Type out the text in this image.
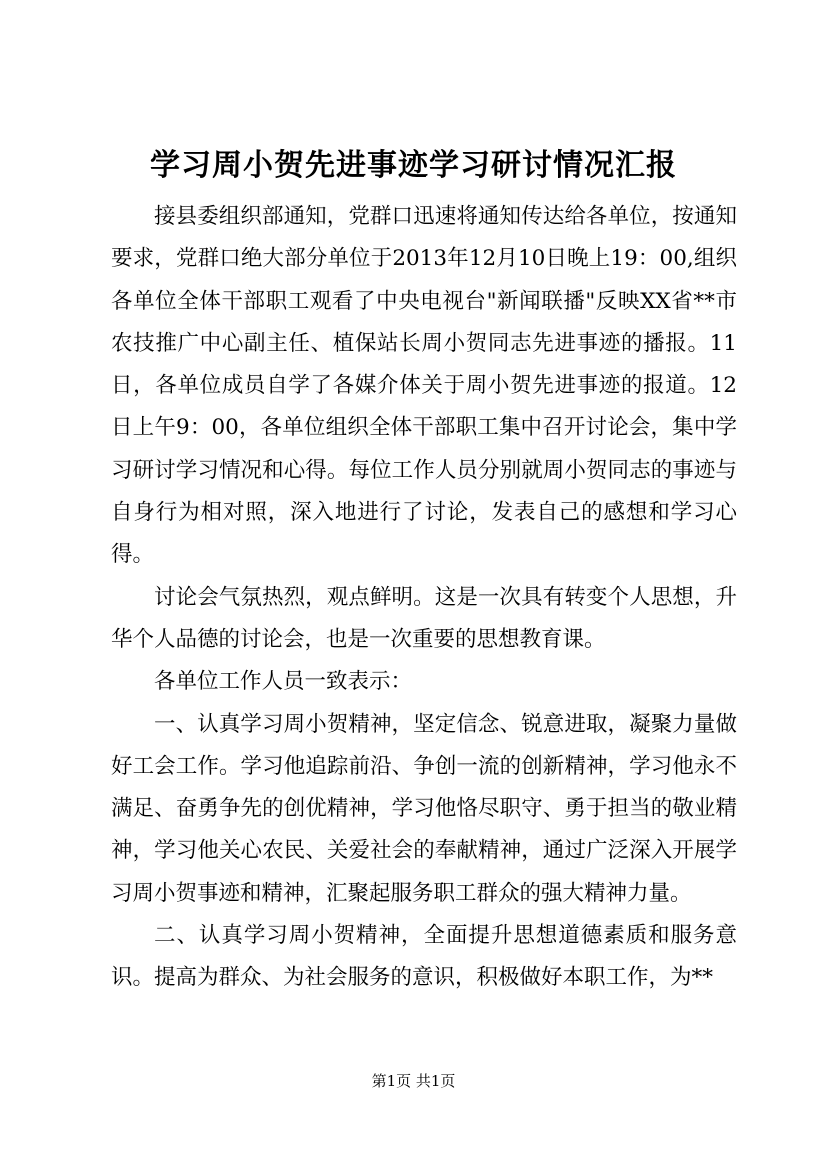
学习周小贺先进事迹学习研讨情况汇报

接县委组织部通知，党群口迅速将通知传达给各单位，按通知要求，党群口绝大部分单位于2013年12月10日晚上19：00,组织各单位全体干部职工观看了中央电视台"新闻联播"反映XX省**市农技推广中心副主任、植保站长周小贺同志先进事迹的播报。11日，各单位成员自学了各媒介体关于周小贺先进事迹的报道。12日上午9：00，各单位组织全体干部职工集中召开讨论会，集中学习研讨学习情况和心得。每位工作人员分别就周小贺同志的事迹与自身行为相对照，深入地进行了讨论，发表自己的感想和学习心得。

讨论会气氛热烈，观点鲜明。这是一次具有转变个人思想，升华个人品德的讨论会，也是一次重要的思想教育课。

各单位工作人员一致表示：

一、认真学习周小贺精神，坚定信念、锐意进取，凝聚力量做好工会工作。学习他追踪前沿、争创一流的创新精神，学习他永不满足、奋勇争先的创优精神，学习他恪尽职守、勇于担当的敬业精神，学习他关心农民、关爱社会的奉献精神，通过广泛深入开展学习周小贺事迹和精神，汇聚起服务职工群众的强大精神力量。

二、认真学习周小贺精神，全面提升思想道德素质和服务意识。提高为群众、为社会服务的意识，积极做好本职工作，为**

第1页 共1页
